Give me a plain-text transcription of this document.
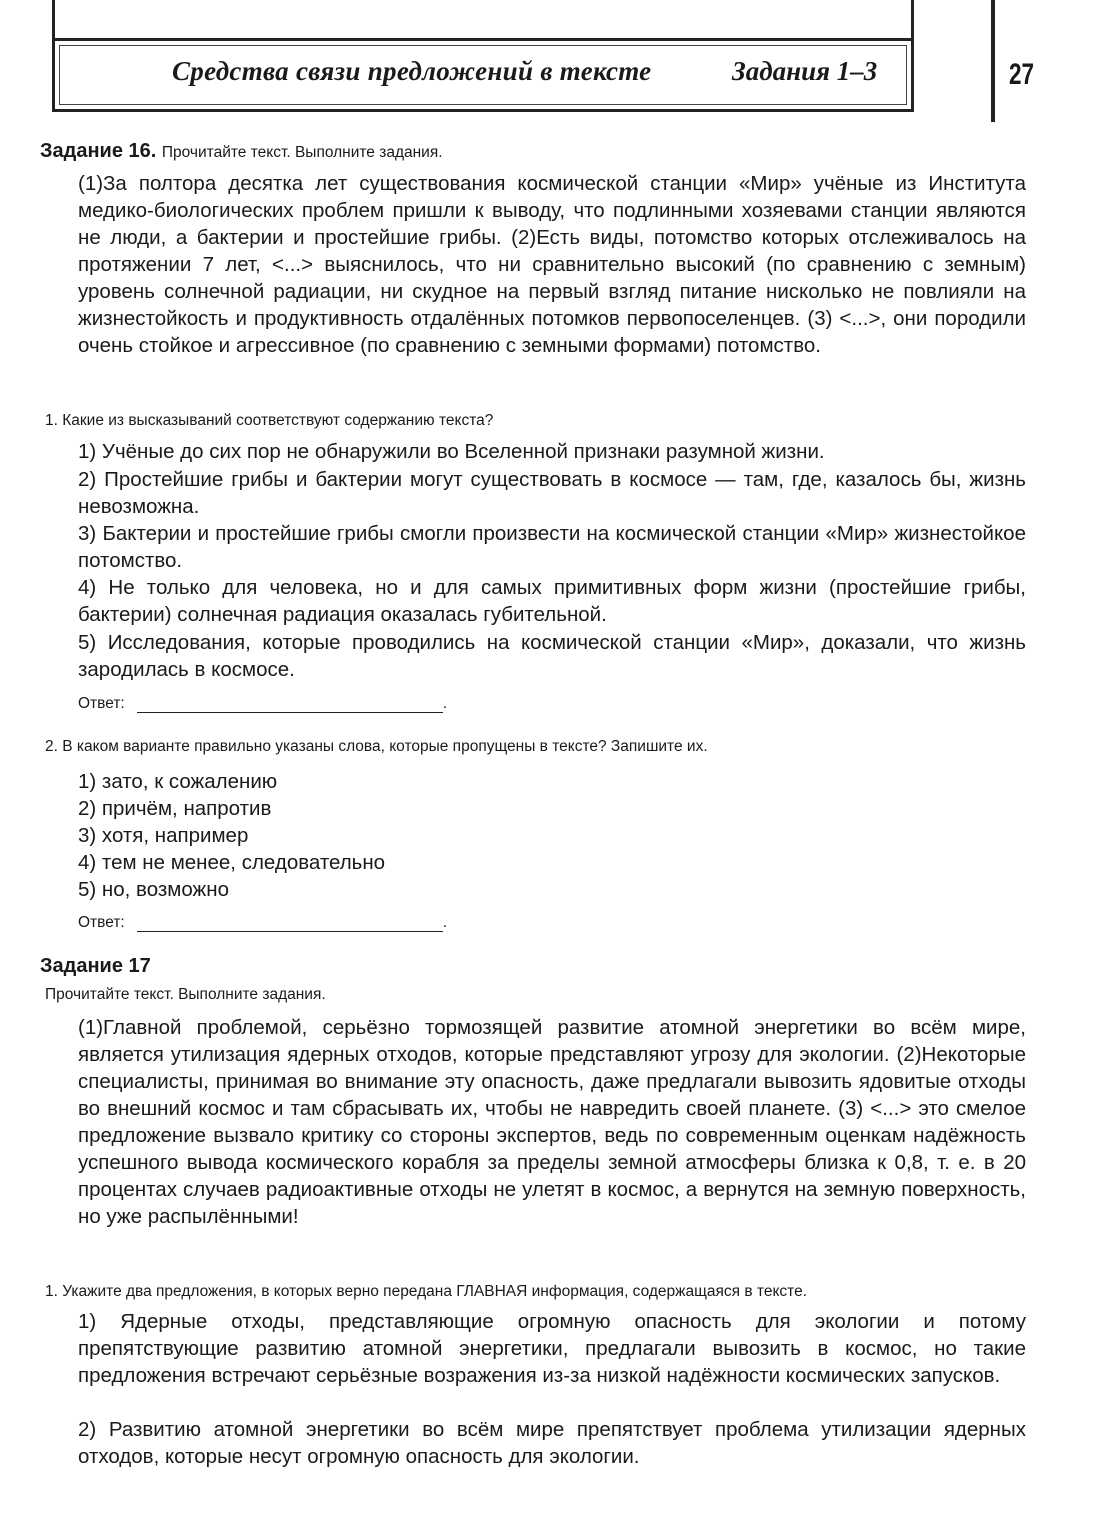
Средства связи предложений в тексте	Задания 1–3	27
Задание 16. Прочитайте текст. Выполните задания.

(1)За полтора десятка лет существования космической станции «Мир» учёные из Института медико-биологических проблем пришли к выводу, что подлинными хозяевами станции являются не люди, а бактерии и простейшие грибы. (2)Есть виды, потомство которых отслеживалось на протяжении 7 лет, <...> выяснилось, что ни сравнительно высокий (по сравнению с земным) уровень солнечной радиации, ни скудное на первый взгляд питание нисколько не повлияли на жизнестойкость и продуктивность отдалённых потомков первопоселенцев. (3) <...>, они породили очень стойкое и агрессивное (по сравнению с земными формами) потомство.

1. Какие из высказываний соответствуют содержанию текста?

1) Учёные до сих пор не обнаружили во Вселенной признаки разумной жизни.

2) Простейшие грибы и бактерии могут существовать в космосе — там, где, казалось бы, жизнь невозможна.

3) Бактерии и простейшие грибы смогли произвести на космической станции «Мир» жизнестойкое потомство.

4) Не только для человека, но и для самых примитивных форм жизни (простейшие грибы, бактерии) солнечная радиация оказалась губительной.

5) Исследования, которые проводились на космической станции «Мир», доказали, что жизнь зародилась в космосе.

Ответ:	.
2. В каком варианте правильно указаны слова, которые пропущены в тексте? Запишите их.

1) зато, к сожалению

2) причём, напротив

3) хотя, например

4) тем не менее, следовательно

5) но, возможно

Ответ:	.
Задание 17
Прочитайте текст. Выполните задания.

(1)Главной проблемой, серьёзно тормозящей развитие атомной энергетики во всём мире, является утилизация ядерных отходов, которые представляют угрозу для экологии. (2)Некоторые специалисты, принимая во внимание эту опасность, даже предлагали вывозить ядовитые отходы во внешний космос и там сбрасывать их, чтобы не навредить своей планете. (3) <...> это смелое предложение вызвало критику со стороны экспертов, ведь по современным оценкам надёжность успешного вывода космического корабля за пределы земной атмосферы близка к 0,8, т. е. в 20 процентах случаев радиоактивные отходы не улетят в космос, а вернутся на земную поверхность, но уже распылёнными!

1. Укажите два предложения, в которых верно передана ГЛАВНАЯ информация, содержащаяся в тексте.

1) Ядерные отходы, представляющие огромную опасность для экологии и потому препятствующие развитию атомной энергетики, предлагали вывозить в космос, но такие предложения встречают серьёзные возражения из-за низкой надёжности космических запусков.

2) Развитию атомной энергетики во всём мире препятствует проблема утилизации ядерных отходов, которые несут огромную опасность для экологии.
